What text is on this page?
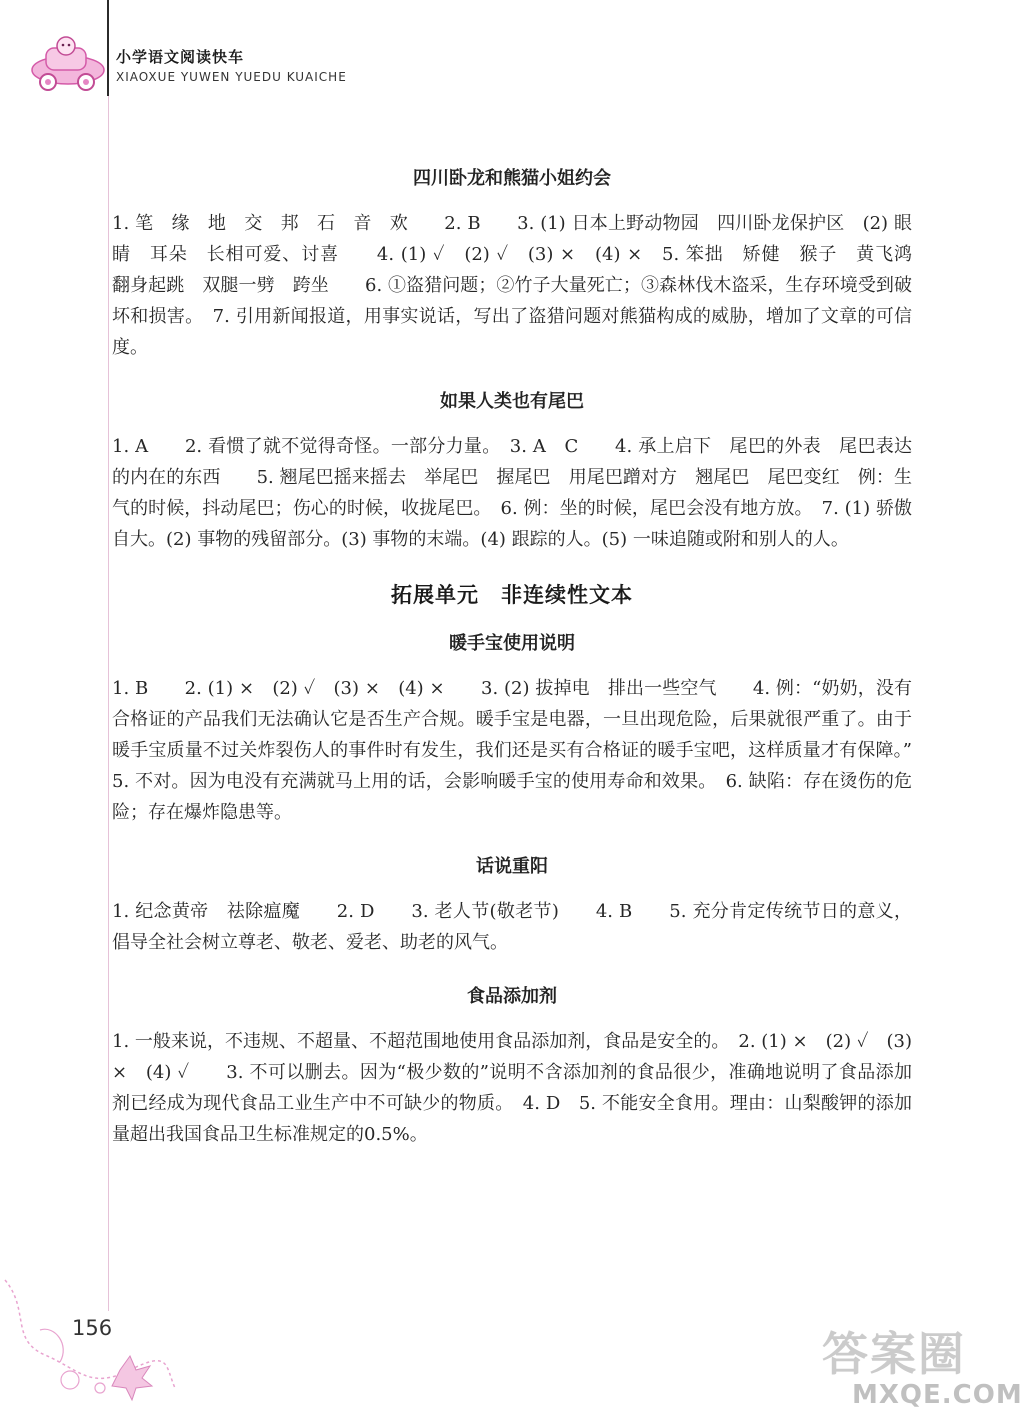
小学语文阅读快车
XIAOXUE YUWEN YUEDU KUAICHE
四川卧龙和熊猫小姐约会

1. 笔　缘　地　交　邦　石　音　欢　　2. B　　3. (1) 日本上野动物园　四川卧龙保护区　(2) 眼睛　耳朵　长相可爱、讨喜　　4. (1) ✓　(2) ✓　(3) ×　(4) ×　5. 笨拙　矫健　猴子　黄飞鸿　翻身起跳　双腿一劈　跨坐　　6. ①盗猎问题；②竹子大量死亡；③森林伐木盗采，生存环境受到破坏和损害。　7. 引用新闻报道，用事实说话，写出了盗猎问题对熊猫构成的威胁，增加了文章的可信度。

如果人类也有尾巴

1. A　　2. 看惯了就不觉得奇怪。一部分力量。　3. A　C　　4. 承上启下　尾巴的外表　尾巴表达的内在的东西　　5. 翘尾巴摇来摇去　举尾巴　握尾巴　用尾巴蹭对方　翘尾巴　尾巴变红　例：生气的时候，抖动尾巴；伤心的时候，收拢尾巴。　6. 例：坐的时候，尾巴会没有地方放。　7. (1) 骄傲自大。(2) 事物的残留部分。(3) 事物的末端。(4) 跟踪的人。(5) 一味追随或附和别人的人。

拓展单元　非连续性文本
暖手宝使用说明

1. B　　2. (1) ×　(2) ✓　(3) ×　(4) ×　　3. (2) 拔掉电　排出一些空气　　4. 例：“奶奶，没有合格证的产品我们无法确认它是否生产合规。暖手宝是电器，一旦出现危险，后果就很严重了。由于暖手宝质量不过关炸裂伤人的事件时有发生，我们还是买有合格证的暖手宝吧，这样质量才有保障。”　5. 不对。因为电没有充满就马上用的话，会影响暖手宝的使用寿命和效果。　6. 缺陷：存在烫伤的危险；存在爆炸隐患等。

话说重阳

1. 纪念黄帝　祛除瘟魔　　2. D　　3. 老人节(敬老节)　　4. B　　5. 充分肯定传统节日的意义，倡导全社会树立尊老、敬老、爱老、助老的风气。

食品添加剂

1. 一般来说，不违规、不超量、不超范围地使用食品添加剂，食品是安全的。　2. (1) ×　(2) ✓　(3) ×　(4) ✓　　3. 不可以删去。因为“极少数的”说明不含添加剂的食品很少，准确地说明了食品添加剂已经成为现代食品工业生产中不可缺少的物质。　4. D　5. 不能安全食用。理由：山梨酸钾的添加量超出我国食品卫生标准规定的0.5%。

156	答案圈
MXQE.COM
